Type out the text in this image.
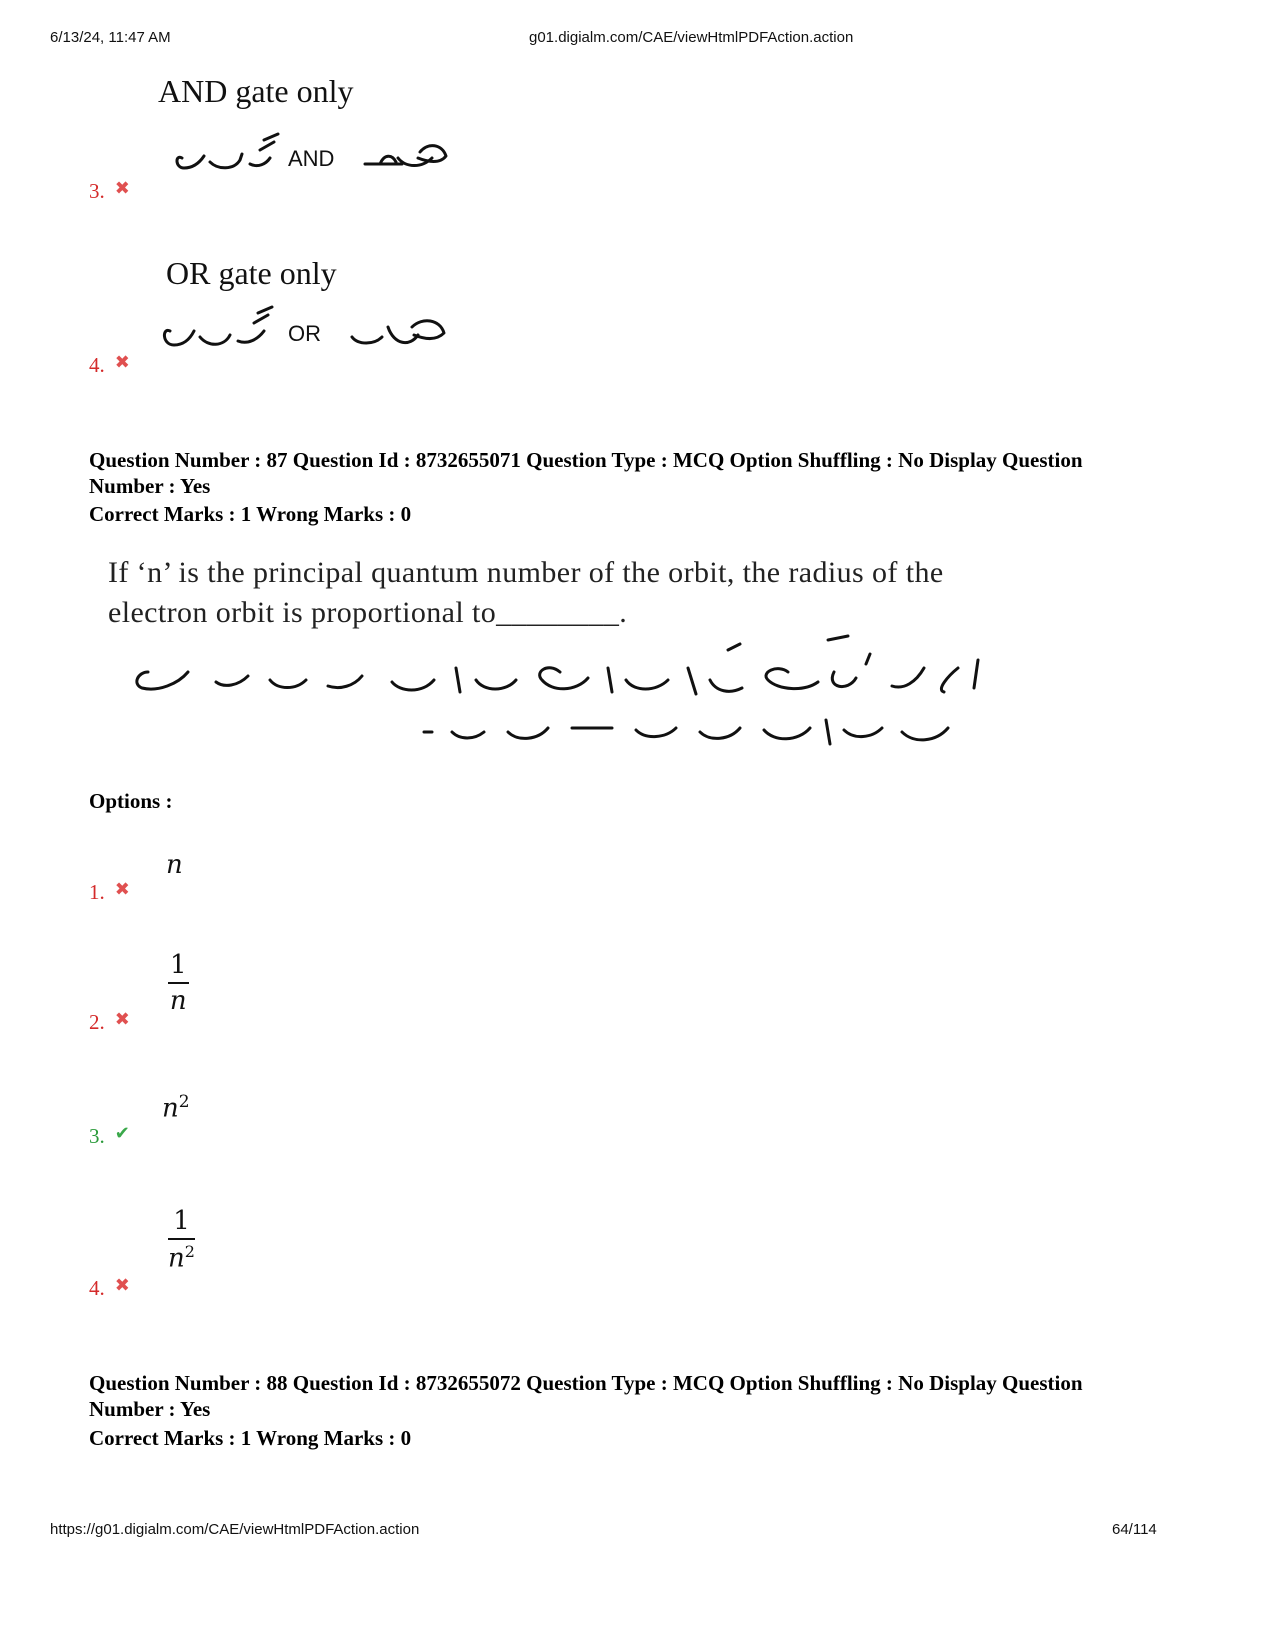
6/13/24, 11:47 AM	g01.digialm.com/CAE/viewHtmlPDFAction.action
AND gate only
AND
3. ✖
OR gate only
OR
4. ✖
Question Number : 87 Question Id : 8732655071 Question Type : MCQ Option Shuffling : No Display Question
Number : Yes
Correct Marks : 1 Wrong Marks : 0
If ‘n’ is the principal quantum number of the orbit, the radius of the
electron orbit is proportional to________.
Options :
n
1. ✖
$\frac{1}{n}$
2. ✖
$n^2$
3. ✔
$\frac{1}{n^2}$
4. ✖
Question Number : 88 Question Id : 8732655072 Question Type : MCQ Option Shuffling : No Display Question
Number : Yes
Correct Marks : 1 Wrong Marks : 0
https://g01.digialm.com/CAE/viewHtmlPDFAction.action	64/114
